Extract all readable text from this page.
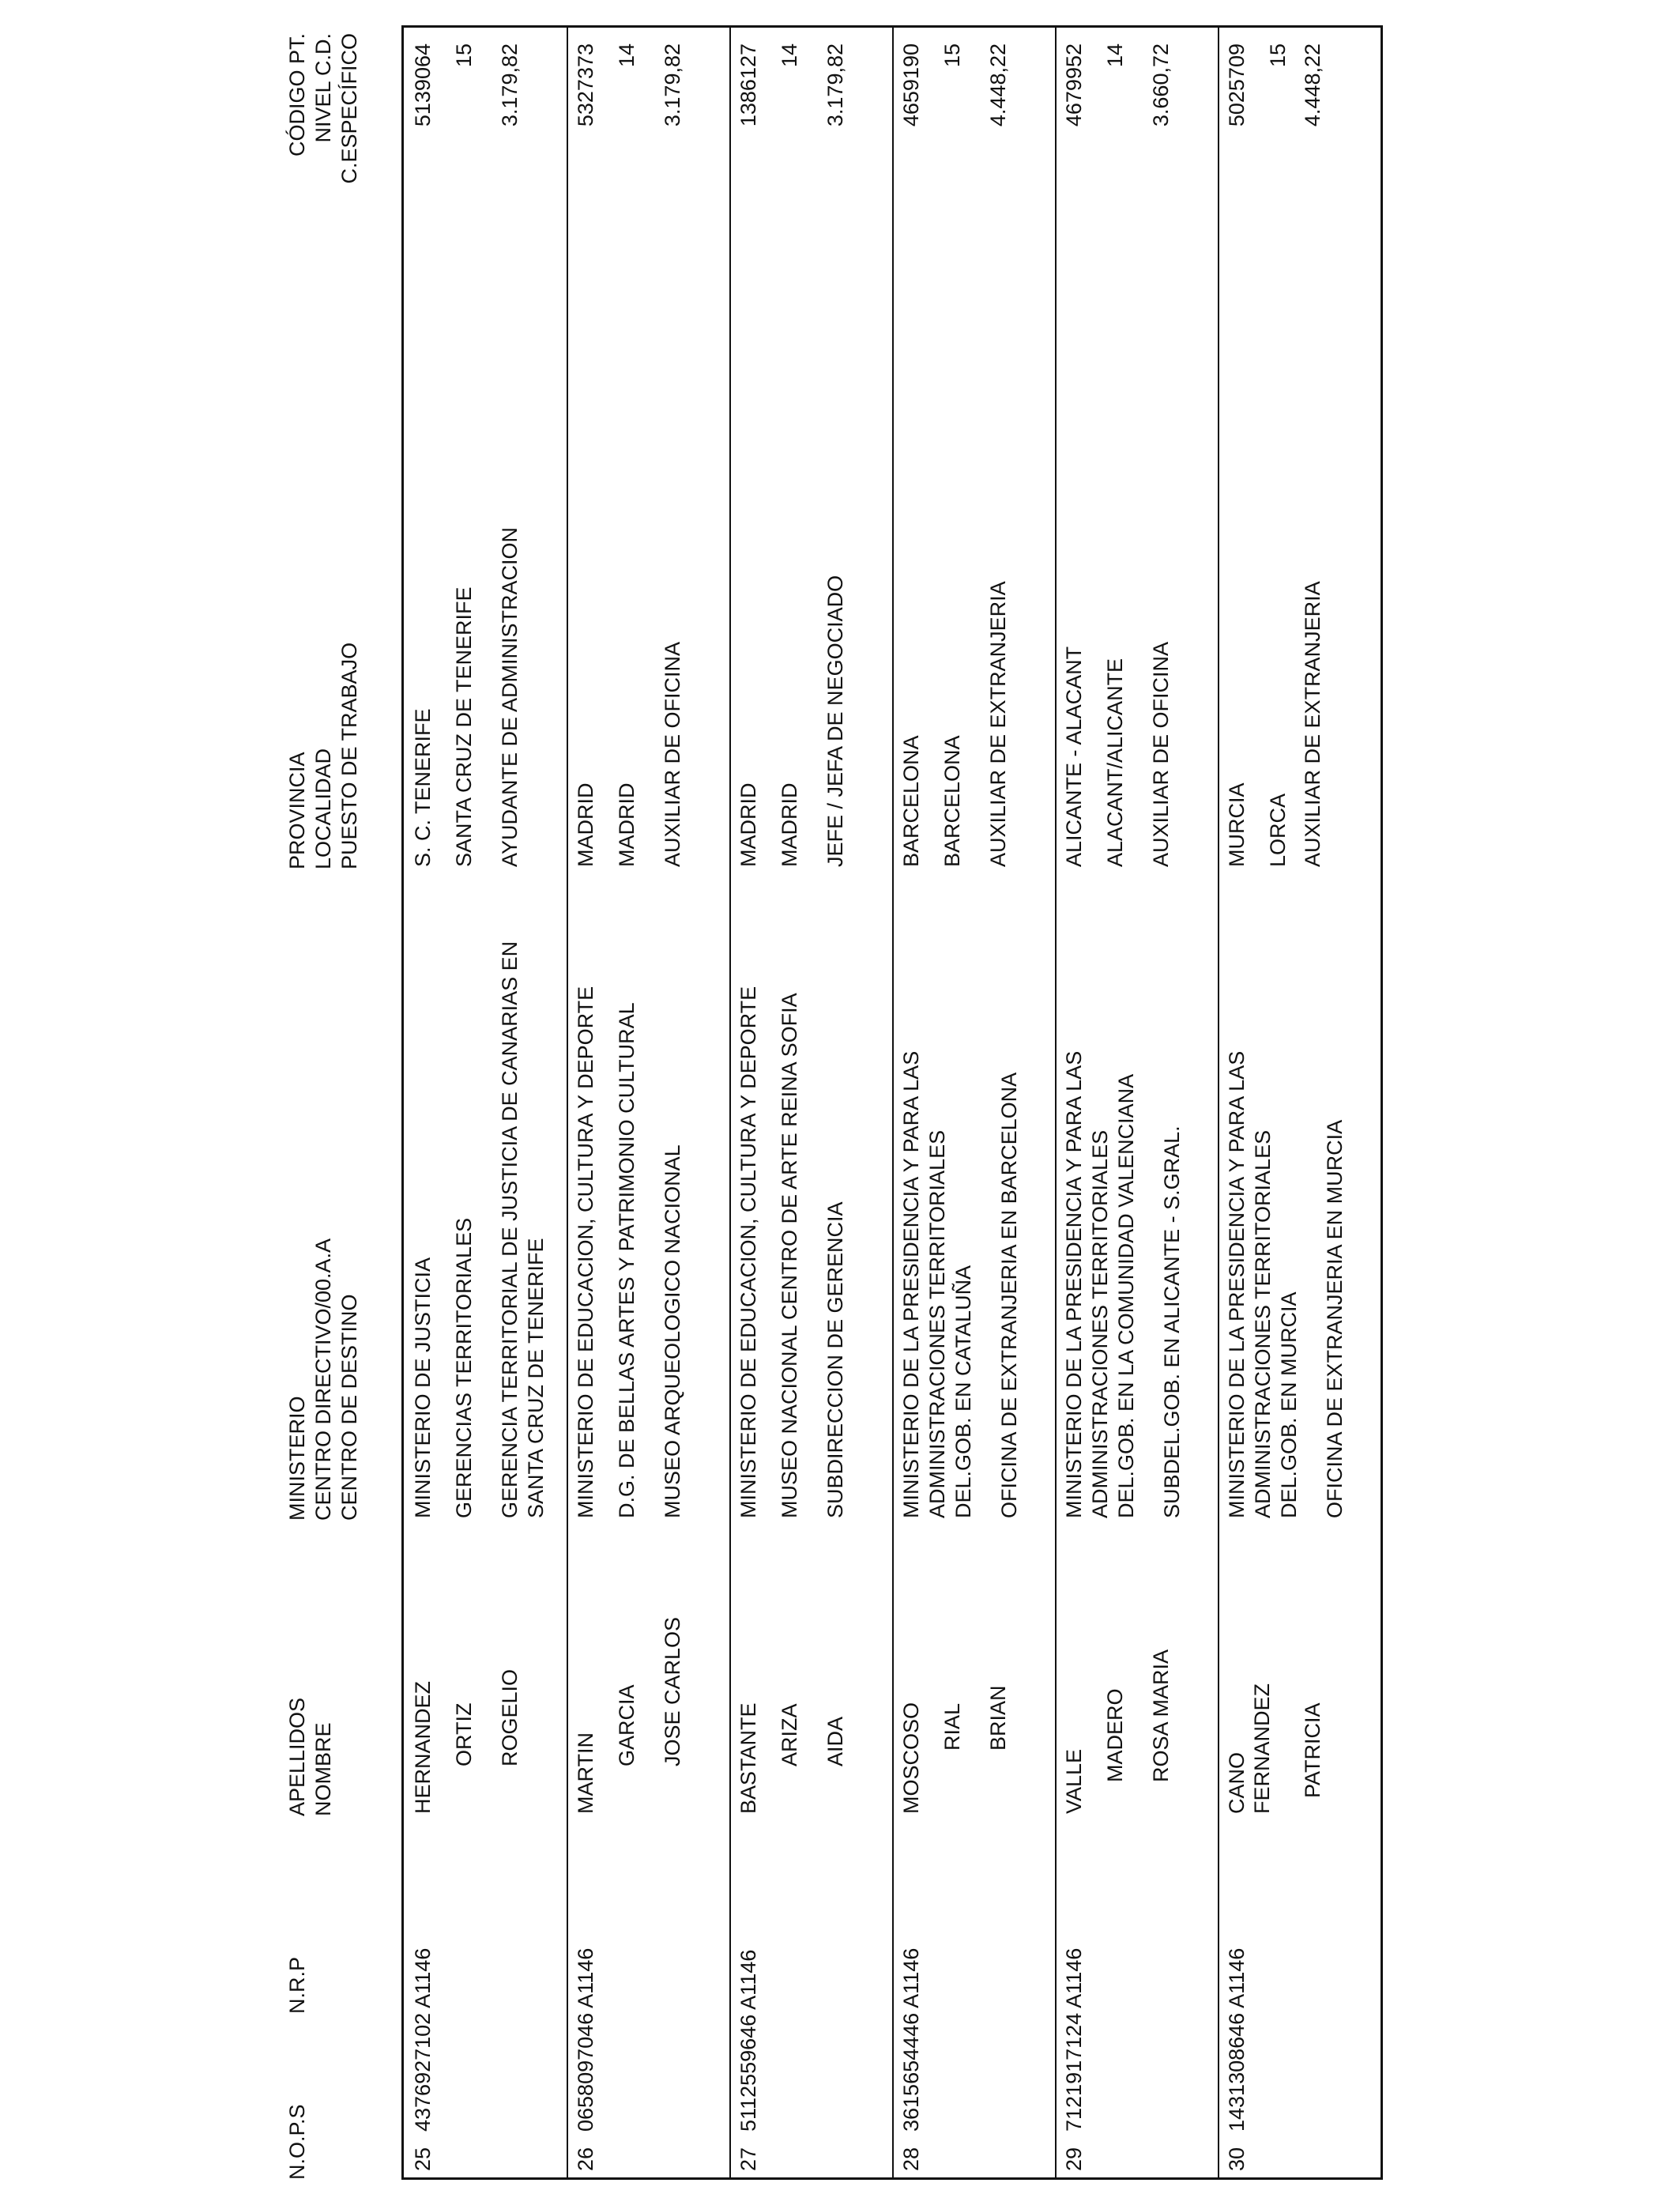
N.O.P.S
N.R.P
APELLIDOS NOMBRE
MINISTERIO CENTRO DIRECTIVO/00.A.A CENTRO DE DESTINO
PROVINCIA LOCALIDAD PUESTO DE TRABAJO
CÓDIGO PT. NIVEL C.D. C.ESPECÍFICO
25
4376927102 A1146
HERNANDEZ ORTIZ ROGELIO
MINISTERIO DE JUSTICIA GERENCIAS TERRITORIALES GERENCIA TERRITORIAL DE JUSTICIA DE CANARIAS EN SANTA CRUZ DE TENERIFE
S. C. TENERIFE SANTA CRUZ DE TENERIFE AYUDANTE DE ADMINISTRACION
5139064 15 3.179,82
26
0658097046 A1146
MARTIN
GARCIA JOSE CARLOS
MINISTERIO DE EDUCACION, CULTURA Y DEPORTE D.G. DE BELLAS ARTES Y PATRIMONIO CULTURAL MUSEO ARQUEOLOGICO NACIONAL
MADRID MADRID AUXILIAR DE OFICINA
5327373 14 3.179,82
27
5112559646 A1146
BASTANTE ARIZA AIDA
MINISTERIO DE EDUCACION, CULTURA Y DEPORTE MUSEO NACIONAL CENTRO DE ARTE REINA SOFIA SUBDIRECCION DE GERENCIA
MADRID MADRID JEFE / JEFA DE NEGOCIADO
1386127 14 3.179,82
28
3615654446 A1146
MOSCOSO RIAL BRIAN
MINISTERIO DE LA PRESIDENCIA Y PARA LAS ADMINISTRACIONES TERRITORIALES DEL.GOB. EN CATALUÑA OFICINA DE EXTRANJERIA EN BARCELONA
BARCELONA BARCELONA AUXILIAR DE EXTRANJERIA
4659190 15 4.448,22
29
7121917124 A1146
VALLE MADERO ROSA MARIA
MINISTERIO DE LA PRESIDENCIA Y PARA LAS ADMINISTRACIONES TERRITORIALES DEL.GOB. EN LA COMUNIDAD VALENCIANA SUBDEL.GOB. EN ALICANTE - S.GRAL.
ALICANTE - ALACANT ALACANT/ALICANTE AUXILIAR DE OFICINA
4679952 14 3.660,72
30
1431308646 A1146
CANO FERNANDEZ PATRICIA
MINISTERIO DE LA PRESIDENCIA Y PARA LAS ADMINISTRACIONES TERRITORIALES DEL.GOB. EN MURCIA OFICINA DE EXTRANJERIA EN MURCIA
MURCIA LORCA AUXILIAR DE EXTRANJERIA
5025709 15 4.448,22
